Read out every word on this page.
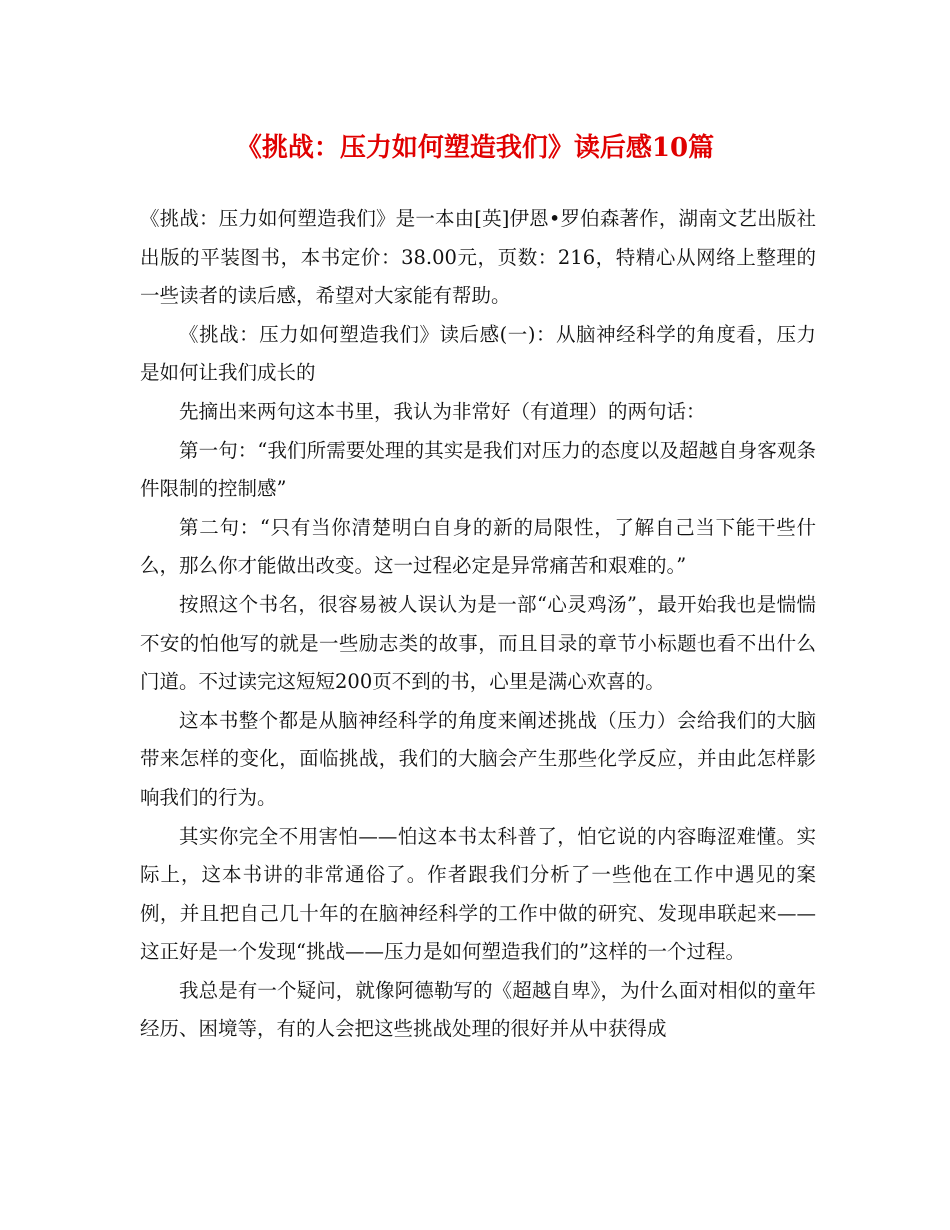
《挑战：压力如何塑造我们》读后感10篇

《挑战：压力如何塑造我们》是一本由[英]伊恩•罗伯森著作，湖南文艺出版社出版的平装图书，本书定价：38.00元，页数：216，特精心从网络上整理的一些读者的读后感，希望对大家能有帮助。

《挑战：压力如何塑造我们》读后感(一)：从脑神经科学的角度看，压力是如何让我们成长的

先摘出来两句这本书里，我认为非常好（有道理）的两句话：

第一句：“我们所需要处理的其实是我们对压力的态度以及超越自身客观条件限制的控制感”

第二句：“只有当你清楚明白自身的新的局限性，了解自己当下能干些什么，那么你才能做出改变。这一过程必定是异常痛苦和艰难的。”

按照这个书名，很容易被人误认为是一部“心灵鸡汤”，最开始我也是惴惴不安的怕他写的就是一些励志类的故事，而且目录的章节小标题也看不出什么门道。不过读完这短短200页不到的书，心里是满心欢喜的。

这本书整个都是从脑神经科学的角度来阐述挑战（压力）会给我们的大脑带来怎样的变化，面临挑战，我们的大脑会产生那些化学反应，并由此怎样影响我们的行为。

其实你完全不用害怕——怕这本书太科普了，怕它说的内容晦涩难懂。实际上，这本书讲的非常通俗了。作者跟我们分析了一些他在工作中遇见的案例，并且把自己几十年的在脑神经科学的工作中做的研究、发现串联起来——这正好是一个发现“挑战——压力是如何塑造我们的”这样的一个过程。

我总是有一个疑问，就像阿德勒写的《超越自卑》，为什么面对相似的童年经历、困境等，有的人会把这些挑战处理的很好并从中获得成
